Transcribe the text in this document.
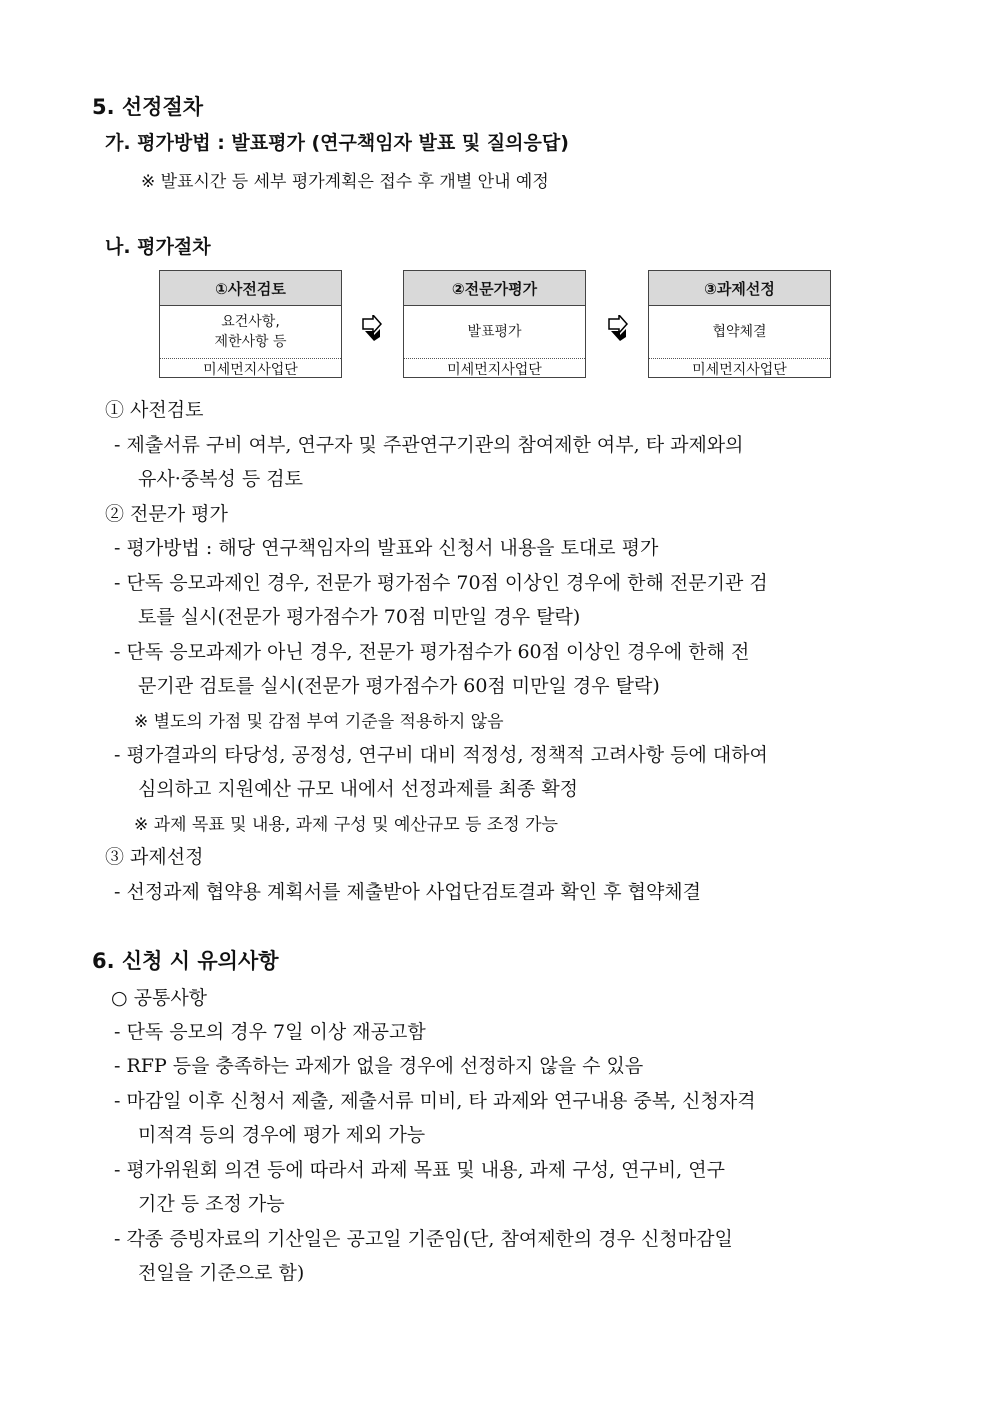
5. 선정절차
가. 평가방법 : 발표평가 (연구책임자 발표 및 질의응답)
※ 발표시간 등 세부 평가계획은 접수 후 개별 안내 예정
나. 평가절차
①사전검토
요건사항,
제한사항 등
미세먼지사업단
②전문가평가
발표평가
미세먼지사업단
③과제선정
협약체결
미세먼지사업단
① 사전검토
- 제출서류 구비 여부, 연구자 및 주관연구기관의 참여제한 여부, 타 과제와의
유사·중복성 등 검토
② 전문가 평가
- 평가방법 : 해당 연구책임자의 발표와 신청서 내용을 토대로 평가
- 단독 응모과제인 경우, 전문가 평가점수 70점 이상인 경우에 한해 전문기관 검
토를 실시(전문가 평가점수가 70점 미만일 경우 탈락)
- 단독 응모과제가 아닌 경우, 전문가 평가점수가 60점 이상인 경우에 한해 전
문기관 검토를 실시(전문가 평가점수가 60점 미만일 경우 탈락)
※ 별도의 가점 및 감점 부여 기준을 적용하지 않음
- 평가결과의 타당성, 공정성, 연구비 대비 적정성, 정책적 고려사항 등에 대하여
심의하고 지원예산 규모 내에서 선정과제를 최종 확정
※ 과제 목표 및 내용, 과제 구성 및 예산규모 등 조정 가능
③ 과제선정
- 선정과제 협약용 계획서를 제출받아 사업단검토결과 확인 후 협약체결
6. 신청 시 유의사항
○ 공통사항
- 단독 응모의 경우 7일 이상 재공고함
- RFP 등을 충족하는 과제가 없을 경우에 선정하지 않을 수 있음
- 마감일 이후 신청서 제출, 제출서류 미비, 타 과제와 연구내용 중복, 신청자격
미적격 등의 경우에 평가 제외 가능
- 평가위원회 의견 등에 따라서 과제 목표 및 내용, 과제 구성, 연구비, 연구
기간 등 조정 가능
- 각종 증빙자료의 기산일은 공고일 기준임(단, 참여제한의 경우 신청마감일
전일을 기준으로 함)
